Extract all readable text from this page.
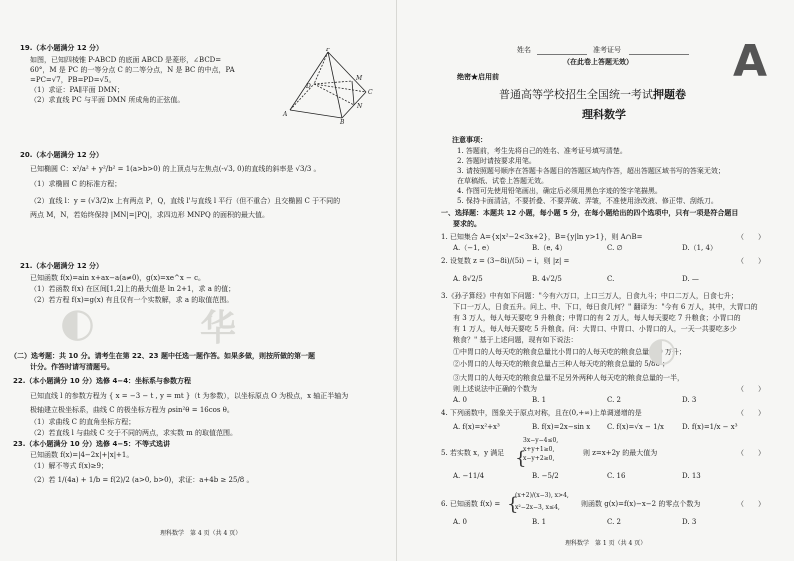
19.（本小题满分 12 分）
如图，已知四棱锥 P-ABCD 的底面 ABCD 是菱形，∠BCD=
60°，M 是 PC 的一等分点 C 的二等分点，N 是 BC 的中点，PA
=PC=√7，PB=PD=√5。
（1）求证：PA∥平面 DMN；
（2）求直线 PC 与平面 DMN 所成角的正弦值。
P
M
D
C
A
N
B
20.（本小题满分 12 分）
已知椭圆 C：x²/a² + y²/b² = 1(a>b>0) 的上顶点与左焦点(-√3, 0)的直线的斜率是 √3/3 。
（1）求椭圆 C 的标准方程；
（2）直线 l：y = (√3/2)x 上有两点 P，Q，直线 l'与直线 l 平行（但不重合）且交椭圆 C 于不同的
两点 M，N，若始终保持 |MN|=|PQ|，求四边形 MNPQ 的面积的最大值。
21.（本小题满分 12 分）
已知函数 f(x)=ain x+ax−a(a≠0)，g(x)=xe^x − c。
（1）若函数 f(x) 在区间[1,2]上的最大值是 ln 2+1，求 a 的值；
（2）若方程 f(x)=g(x) 有且仅有一个实数解，求 a 的取值范围。
◐	华
（二）选考题：共 10 分。请考生在第 22、23 题中任选一题作答。如果多做，则按所做的第一题
计分。作答时请写清题号。
22.（本小题满分 10 分）选修 4−4：坐标系与参数方程
已知直线 l 的参数方程为 { x = −3 − t , y = mt }（t 为参数），以坐标原点 O 为极点，x 轴正半轴为
极轴建立极坐标系，曲线 C 的极坐标方程为 ρsin²θ = 16cos θ。
（1）求曲线 C 的直角坐标方程；
（2）若直线 l 与曲线 C 交于不同的两点，求实数 m 的取值范围。
23.（本小题满分 10 分）选修 4−5：不等式选讲
已知函数 f(x)=|4−2x|+|x|+1。
（1）解不等式 f(x)≥9；
（2）若 1/(4a) + 1/b = f(2)/2 (a>0, b>0)，求证：a+4b ≥ 25/8 。
理科数学　第 4 页（共 4 页）
姓名	准考证号
（在此卷上答题无效） A
绝密★启用前
普通高等学校招生全国统一考试押题卷
理科数学
注意事项：
1. 答题前，考生先将自己的姓名、准考证号填写清楚。
2. 答题时请按要求用笔。
3. 请按照题号顺序在答题卡各题目的答题区域内作答，超出答题区域书写的答案无效；
在草稿纸、试卷上答题无效。
4. 作图可先使用铅笔画出，确定后必须用黑色字迹的签字笔描黑。
5. 保持卡面清洁，不要折叠、不要弄破、弄皱，不准使用涂改液、修正带、刮纸刀。
一、选择题：本题共 12 小题，每小题 5 分，在每小题给出的四个选项中，只有一项是符合题目
要求的。
1. 已知集合 A={x|x²−2<3x+2}，B={y|ln y>1}，则 A∩B=	（　　）
A.（−1, e）	B.（e, 4）	C. ∅	D.（1, 4）
2. 设复数 z = (3−8i)/(5i) − i，则 |z| =	（　　）
A. 8√2/5	B. 4√2/5	C.	D. —
3.《孙子算经》中有如下问题："今有六万口，上口三万人，日食九斗；中口二万人，日食七升；
下口一万人，日食五升。问上、中、下口，每日食几何？" 翻译为："今有 6 万人，其中，大胃口的
有 3 万人，每人每天要吃 9 升粮食；中胃口的有 2 万人，每人每天要吃 7 升粮食；小胃口的
有 1 万人，每人每天要吃 5 升粮食。问：大胃口、中胃口、小胃口的人，一天一共要吃多少
粮食？" 基于上述问题，现有如下说法：
①中胃口的人每天吃的粮食总量比小胃口的人每天吃的粮食总量多 9 万升；
②小胃口的人每天吃的粮食总量占三种人每天吃的粮食总量的 5/86 ；
③大胃口的人每天吃的粮食总量不足另外两种人每天吃的粮食总量的一半，
则上述说法中正确的个数为	（　　）
A. 0	B. 1	C. 2	D. 3
◐
4. 下列函数中，图象关于原点对称，且在(0,+∞)上单调递增的是	（　　）
A. f(x)=x²+x³	B. f(x)=2x−sin x C. f(x)=√x − 1/x	D. f(x)=1/x − x³
5. 若实数 x，y 满足 {
3x−y−4≤0,
x+y+1≥0,
x−y+2≥0,
则 z=x+2y 的最大值为	（　　）
A. −11/4	B. −5/2	C. 16	D. 13
6. 已知函数 f(x) = {
(x+2)/(x−3), x>4,
x²−2x−3, x≤4,	则函数 g(x)=f(x)−x−2 的零点个数为	（　　）
A. 0	B. 1	C. 2	D. 3
理科数学　第 1 页（共 4 页）
